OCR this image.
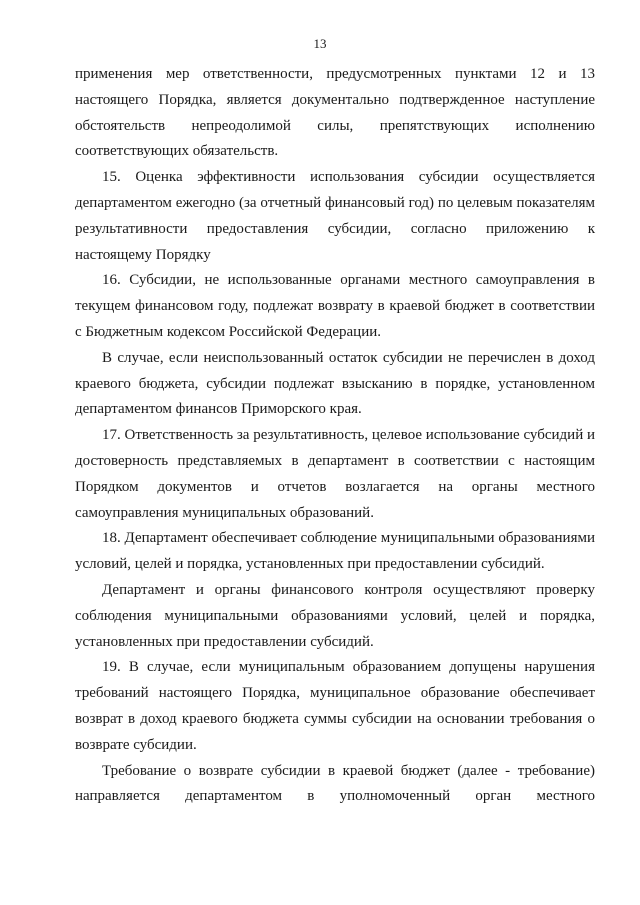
13

применения мер ответственности, предусмотренных пунктами 12 и 13 настоящего Порядка, является документально подтвержденное наступление обстоятельств непреодолимой силы, препятствующих исполнению соответствующих обязательств.

15. Оценка эффективности использования субсидии осуществляется департаментом ежегодно (за отчетный финансовый год) по целевым показателям результативности предоставления субсидии, согласно приложению к настоящему Порядку

16. Субсидии, не использованные органами местного самоуправления в текущем финансовом году, подлежат возврату в краевой бюджет в соответствии с Бюджетным кодексом Российской Федерации.

В случае, если неиспользованный остаток субсидии не перечислен в доход краевого бюджета, субсидии подлежат взысканию в порядке, установленном департаментом финансов Приморского края.

17. Ответственность за результативность, целевое использование субсидий и достоверность представляемых в департамент в соответствии с настоящим Порядком документов и отчетов возлагается на органы местного самоуправления муниципальных образований.

18. Департамент обеспечивает соблюдение муниципальными образованиями условий, целей и порядка, установленных при предоставлении субсидий.

Департамент и органы финансового контроля осуществляют проверку соблюдения муниципальными образованиями условий, целей и порядка, установленных при предоставлении субсидий.

19. В случае, если муниципальным образованием допущены нарушения требований настоящего Порядка, муниципальное образование обеспечивает возврат в доход краевого бюджета суммы субсидии на основании требования о возврате субсидии.

Требование о возврате субсидии в краевой бюджет (далее - требование) направляется департаментом в уполномоченный орган местного
